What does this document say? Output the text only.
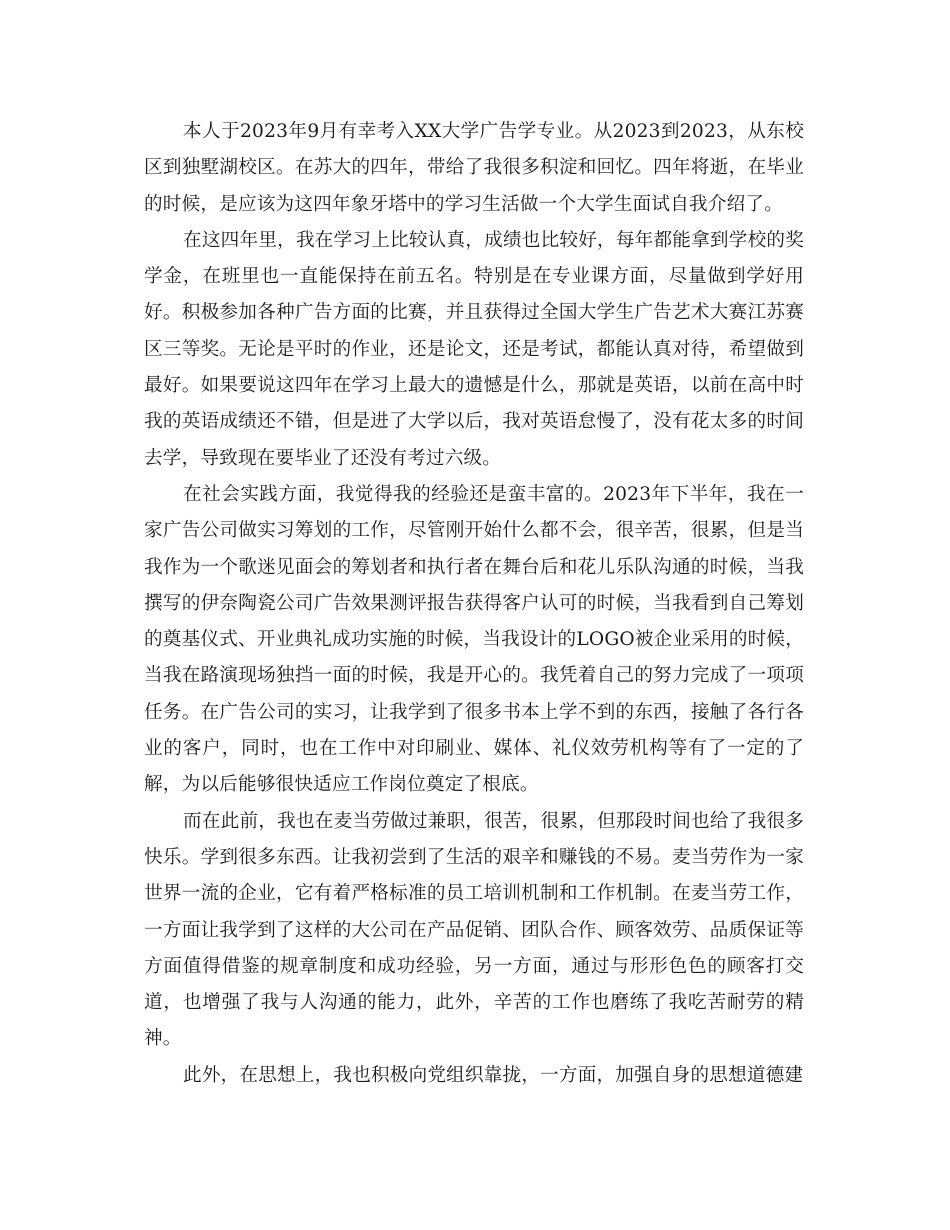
本人于2023年9月有幸考入XX大学广告学专业。从2023到2023，从东校区到独墅湖校区。在苏大的四年，带给了我很多积淀和回忆。四年将逝，在毕业的时候，是应该为这四年象牙塔中的学习生活做一个大学生面试自我介绍了。

在这四年里，我在学习上比较认真，成绩也比较好，每年都能拿到学校的奖学金，在班里也一直能保持在前五名。特别是在专业课方面，尽量做到学好用好。积极参加各种广告方面的比赛，并且获得过全国大学生广告艺术大赛江苏赛区三等奖。无论是平时的作业，还是论文，还是考试，都能认真对待，希望做到最好。如果要说这四年在学习上最大的遗憾是什么，那就是英语，以前在高中时我的英语成绩还不错，但是进了大学以后，我对英语怠慢了，没有花太多的时间去学，导致现在要毕业了还没有考过六级。

在社会实践方面，我觉得我的经验还是蛮丰富的。2023年下半年，我在一家广告公司做实习筹划的工作，尽管刚开始什么都不会，很辛苦，很累，但是当我作为一个歌迷见面会的筹划者和执行者在舞台后和花儿乐队沟通的时候，当我撰写的伊奈陶瓷公司广告效果测评报告获得客户认可的时候，当我看到自己筹划的奠基仪式、开业典礼成功实施的时候，当我设计的LOGO被企业采用的时候，当我在路演现场独挡一面的时候，我是开心的。我凭着自己的努力完成了一项项任务。在广告公司的实习，让我学到了很多书本上学不到的东西，接触了各行各业的客户，同时，也在工作中对印刷业、媒体、礼仪效劳机构等有了一定的了解，为以后能够很快适应工作岗位奠定了根底。

而在此前，我也在麦当劳做过兼职，很苦，很累，但那段时间也给了我很多快乐。学到很多东西。让我初尝到了生活的艰辛和赚钱的不易。麦当劳作为一家世界一流的企业，它有着严格标准的员工培训机制和工作机制。在麦当劳工作，一方面让我学到了这样的大公司在产品促销、团队合作、顾客效劳、品质保证等方面值得借鉴的规章制度和成功经验，另一方面，通过与形形色色的顾客打交道，也增强了我与人沟通的能力，此外，辛苦的工作也磨练了我吃苦耐劳的精神。

此外，在思想上，我也积极向党组织靠拢，一方面，加强自身的思想道德建
